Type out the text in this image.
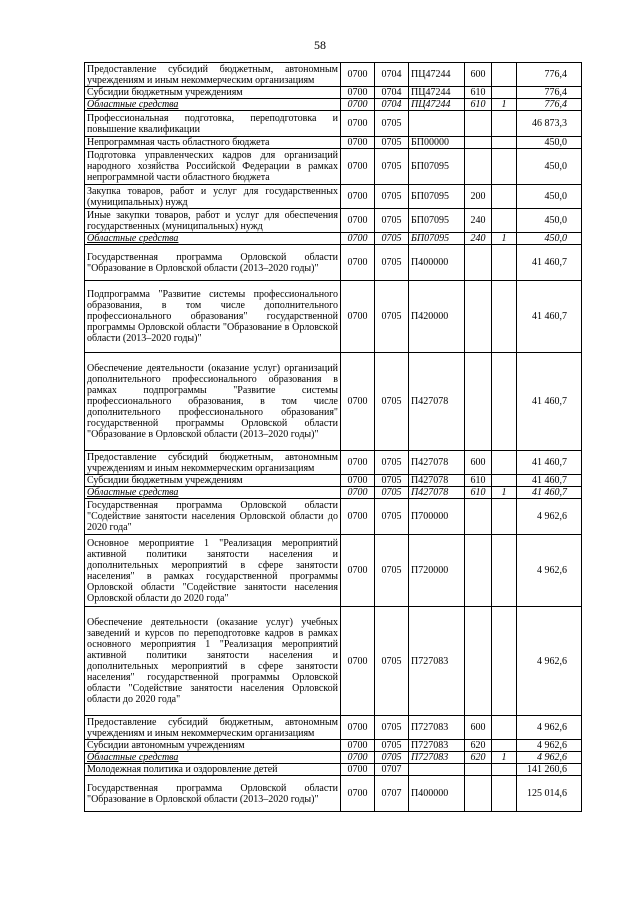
58
Предоставление субсидий бюджетным, автономным учреждениям и иным некоммерческим организациям	0700	0704	ПЦ47244	600		776,4
Субсидии бюджетным учреждениям	0700	0704	ПЦ47244	610		776,4
Областные средства	0700	0704	ПЦ47244	610	1	776,4
Профессиональная подготовка, переподготовка и повышение квалификации	0700	0705				46 873,3
Непрограммная часть областного бюджета	0700	0705	БП00000			450,0
Подготовка управленческих кадров для организаций народного хозяйства Российской Федерации в рамках непрограммной части областного бюджета	0700	0705	БП07095			450,0
Закупка товаров, работ и услуг для государственных (муниципальных) нужд	0700	0705	БП07095	200		450,0
Иные закупки товаров, работ и услуг для обеспечения государственных (муниципальных) нужд	0700	0705	БП07095	240		450,0
Областные средства	0700	0705	БП07095	240	1	450,0
Государственная программа Орловской области "Образование в Орловской области (2013–2020 годы)"	0700	0705	П400000			41 460,7
Подпрограмма "Развитие системы профессионального образования, в том числе дополнительного профессионального образования" государственной программы Орловской области "Образование в Орловской области (2013–2020 годы)"	0700	0705	П420000			41 460,7
Обеспечение деятельности (оказание услуг) организаций дополнительного профессионального образования в рамках подпрограммы "Развитие системы профессионального образования, в том числе дополнительного профессионального образования" государственной программы Орловской области "Образование в Орловской области (2013–2020 годы)"	0700	0705	П427078			41 460,7
Предоставление субсидий бюджетным, автономным учреждениям и иным некоммерческим организациям	0700	0705	П427078	600		41 460,7
Субсидии бюджетным учреждениям	0700	0705	П427078	610		41 460,7
Областные средства	0700	0705	П427078	610	1	41 460,7
Государственная программа Орловской области "Содействие занятости населения Орловской области до 2020 года"	0700	0705	П700000			4 962,6
Основное мероприятие 1 "Реализация мероприятий активной политики занятости населения и дополнительных мероприятий в сфере занятости населения" в рамках государственной программы Орловской области "Содействие занятости населения Орловской области до 2020 года"	0700	0705	П720000			4 962,6
Обеспечение деятельности (оказание услуг) учебных заведений и курсов по переподготовке кадров в рамках основного мероприятия 1 "Реализация мероприятий активной политики занятости населения и дополнительных мероприятий в сфере занятости населения" государственной программы Орловской области "Содействие занятости населения Орловской области до 2020 года"	0700	0705	П727083			4 962,6
Предоставление субсидий бюджетным, автономным учреждениям и иным некоммерческим организациям	0700	0705	П727083	600		4 962,6
Субсидии автономным учреждениям	0700	0705	П727083	620		4 962,6
Областные средства	0700	0705	П727083	620	1	4 962,6
Молодежная политика и оздоровление детей	0700	0707				141 260,6
Государственная программа Орловской области "Образование в Орловской области (2013–2020 годы)"	0700	0707	П400000			125 014,6
